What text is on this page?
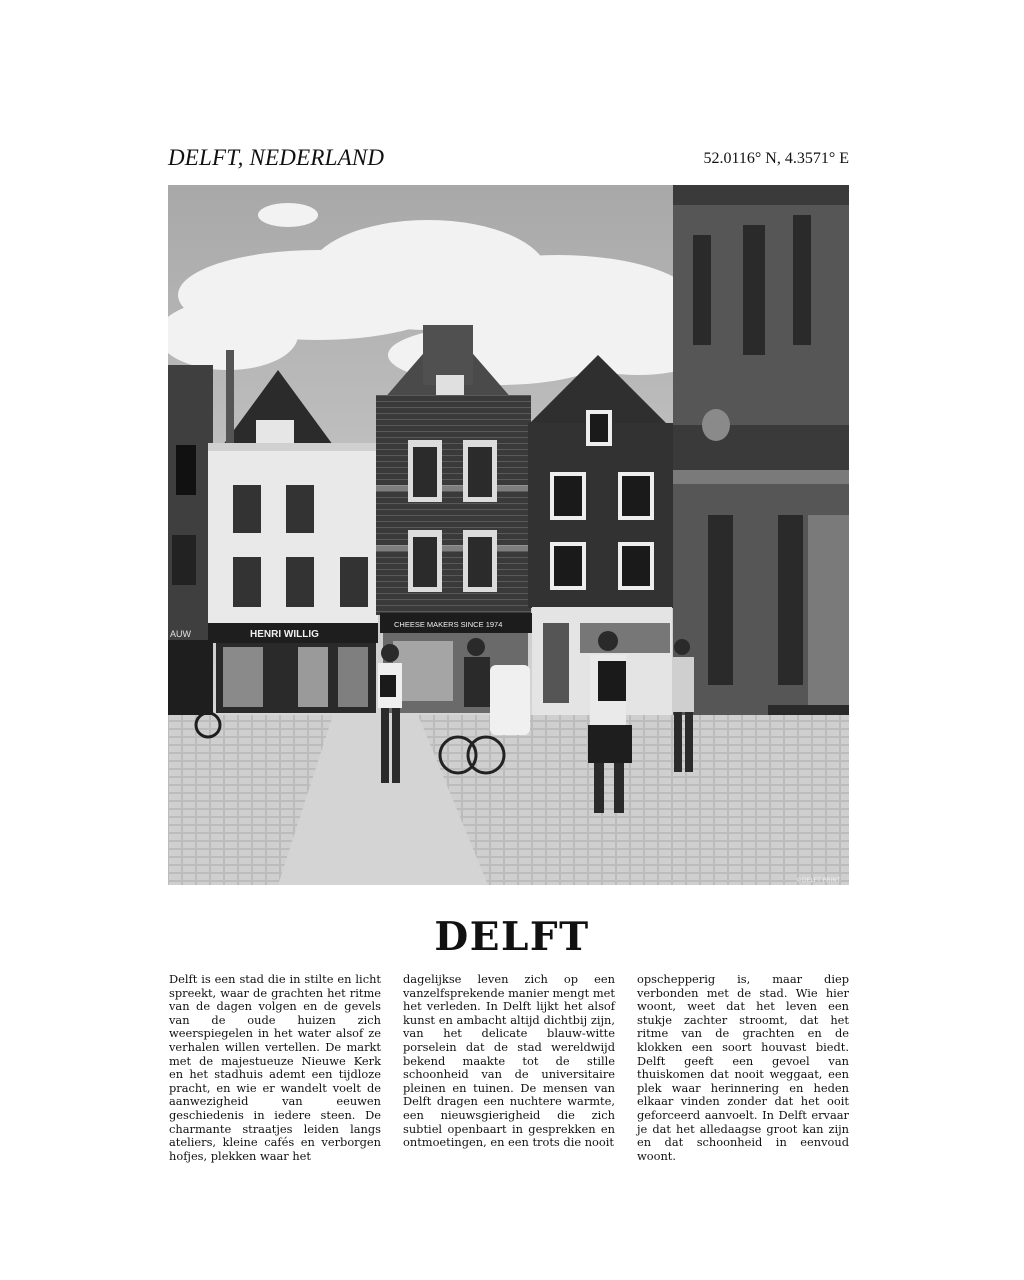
DELFT, NEDERLAND	52.0116° N, 4.3571° E
HENRI WILLIG
CHEESE MAKERS SINCE 1974
©DELFT PRINT
AUW
DELFT
Delft is een stad die in stilte en licht spreekt, waar de grachten het ritme van de dagen volgen en de gevels van de oude huizen zich weerspiegelen in het water alsof ze verhalen willen vertellen. De markt met de majestueuze Nieuwe Kerk en het stadhuis ademt een tijdloze pracht, en wie er wandelt voelt de aanwezigheid van eeuwen geschiedenis in iedere steen. De charmante straatjes leiden langs ateliers, kleine cafés en verborgen hofjes, plekken waar het
dagelijkse leven zich op een vanzelfsprekende manier mengt met het verleden. In Delft lijkt het alsof kunst en ambacht altijd dichtbij zijn, van het delicate blauw-witte porselein dat de stad wereldwijd bekend maakte tot de stille schoonheid van de universitaire pleinen en tuinen. De mensen van Delft dragen een nuchtere warmte, een nieuwsgierigheid die zich subtiel openbaart in gesprekken en ontmoetingen, en een trots die nooit
opschepperig is, maar diep verbonden met de stad. Wie hier woont, weet dat het leven een stukje zachter stroomt, dat het ritme van de grachten en de klokken een soort houvast biedt. Delft geeft een gevoel van thuiskomen dat nooit weggaat, een plek waar herinnering en heden elkaar vinden zonder dat het ooit geforceerd aanvoelt. In Delft ervaar je dat het alledaagse groot kan zijn en dat schoonheid in eenvoud woont.
